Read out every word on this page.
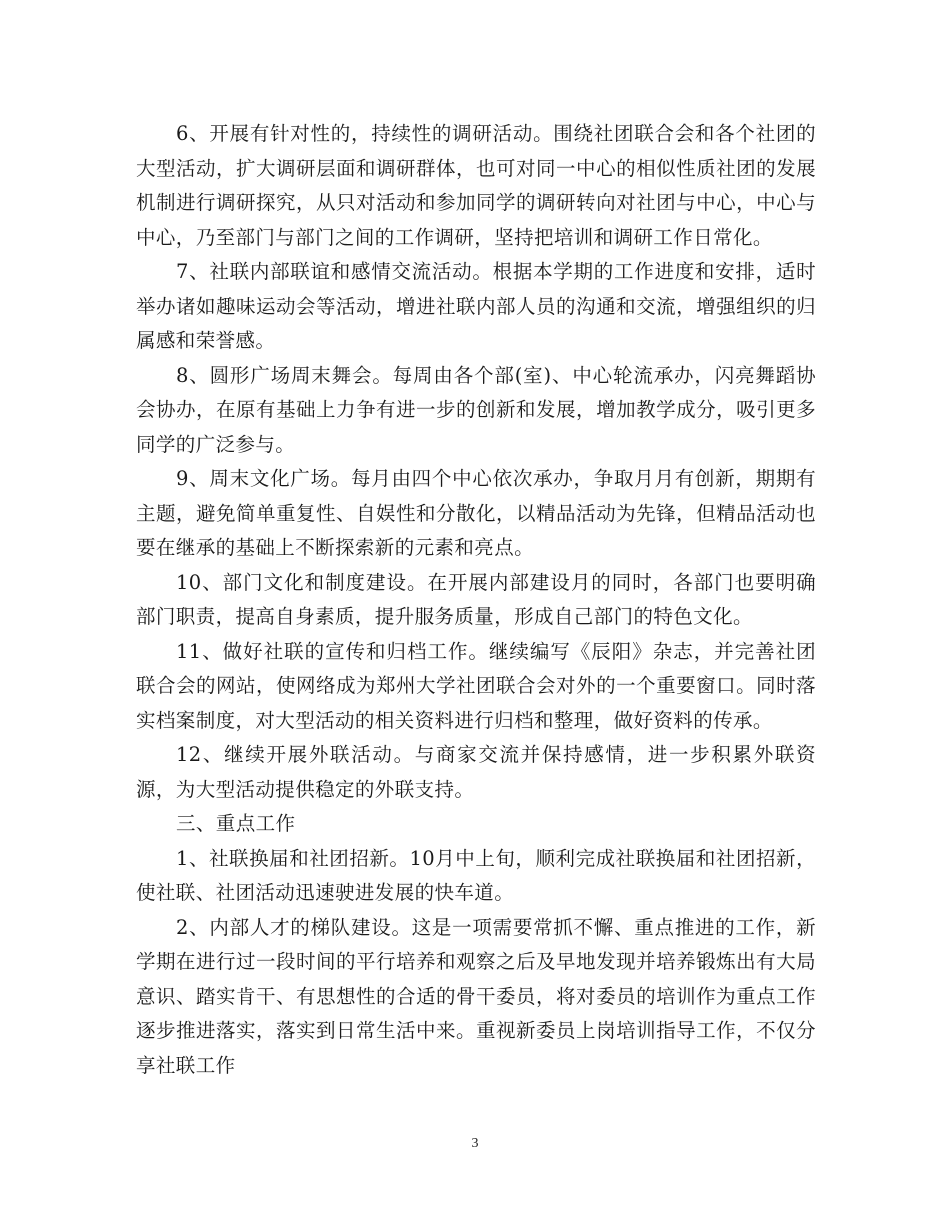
6、开展有针对性的，持续性的调研活动。围绕社团联合会和各个社团的大型活动，扩大调研层面和调研群体，也可对同一中心的相似性质社团的发展机制进行调研探究，从只对活动和参加同学的调研转向对社团与中心，中心与中心，乃至部门与部门之间的工作调研，坚持把培训和调研工作日常化。

7、社联内部联谊和感情交流活动。根据本学期的工作进度和安排，适时举办诸如趣味运动会等活动，增进社联内部人员的沟通和交流，增强组织的归属感和荣誉感。

8、圆形广场周末舞会。每周由各个部(室)、中心轮流承办，闪亮舞蹈协会协办，在原有基础上力争有进一步的创新和发展，增加教学成分，吸引更多同学的广泛参与。

9、周末文化广场。每月由四个中心依次承办，争取月月有创新，期期有主题，避免简单重复性、自娱性和分散化，以精品活动为先锋，但精品活动也要在继承的基础上不断探索新的元素和亮点。

10、部门文化和制度建设。在开展内部建设月的同时，各部门也要明确部门职责，提高自身素质，提升服务质量，形成自己部门的特色文化。

11、做好社联的宣传和归档工作。继续编写《辰阳》杂志，并完善社团联合会的网站，使网络成为郑州大学社团联合会对外的一个重要窗口。同时落实档案制度，对大型活动的相关资料进行归档和整理，做好资料的传承。

12、继续开展外联活动。与商家交流并保持感情，进一步积累外联资源，为大型活动提供稳定的外联支持。

三、重点工作

1、社联换届和社团招新。10月中上旬，顺利完成社联换届和社团招新，使社联、社团活动迅速驶进发展的快车道。

2、内部人才的梯队建设。这是一项需要常抓不懈、重点推进的工作，新学期在进行过一段时间的平行培养和观察之后及早地发现并培养锻炼出有大局意识、踏实肯干、有思想性的合适的骨干委员，将对委员的培训作为重点工作逐步推进落实，落实到日常生活中来。重视新委员上岗培训指导工作，不仅分享社联工作

3
